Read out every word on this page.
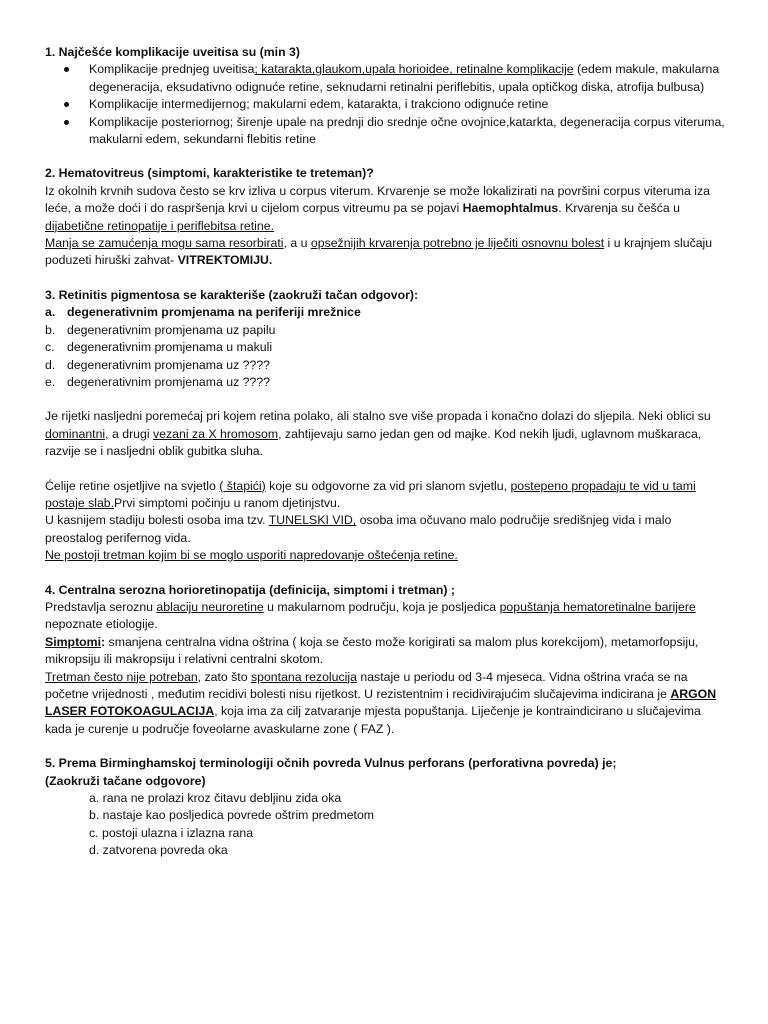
1. Najčešće komplikacije uveitisa su (min 3)
Komplikacije prednjeg uveitisa; katarakta,glaukom,upala horioidee, retinalne komplikacije (edem makule, makularna degeneracija, eksudativno odignuće retine, seknudarni retinalni periflebitis, upala optičkog diska, atrofija bulbusa)
Komplikacije intermedijernog; makularni edem, katarakta, i trakciono odignuće retine
Komplikacije posteriornog; širenje upale na prednji dio srednje očne ovojnice,katarkta, degeneracija corpus viteruma, makularni edem, sekundarni flebitis retine
2. Hematovitreus (simptomi, karakteristike te treteman)?

Iz okolnih krvnih sudova često se krv izliva u corpus viterum. Krvarenje se može lokalizirati na površini corpus viteruma iza leće, a može doći i do raspršenja krvi u cijelom corpus vitreumu pa se pojavi Haemophtalmus. Krvarenja su češća u dijabetične retinopatije i periflebitsa retine.

Manja se zamućenja mogu sama resorbirati, a u opsežnijih krvarenja potrebno je liječiti osnovnu bolest i u krajnjem slučaju poduzeti hiruški zahvat- VITREKTOMIJU.

3. Retinitis pigmentosa se karakteriše (zaokruži tačan odgovor):
a. degenerativnim promjenama na periferiji mrežnice
b. degenerativnim promjenama uz papilu
c. degenerativnim promjenama u makuli
d. degenerativnim promjenama uz ????
e. degenerativnim promjenama uz ????

Je rijetki nasljedni poremećaj pri kojem retina polako, ali stalno sve više propada i konačno dolazi do sljepila. Neki oblici su dominantni, a drugi vezani za X hromosom, zahtijevaju samo jedan gen od majke. Kod nekih ljudi, uglavnom muškaraca, razvije se i nasljedni oblik gubitka sluha.

Ćelije retine osjetljive na svjetlo ( štapići) koje su odgovorne za vid pri slanom svjetlu, postepeno propadaju te vid u tami postaje slab.Prvi simptomi počinju u ranom djetinjstvu.

U kasnijem stadiju bolesti osoba ima tzv. TUNELSKI VID, osoba ima očuvano malo područije središnjeg vida i malo preostalog perifernog vida.

Ne postoji tretman kojim bi se moglo usporiti napredovanje oštećenja retine.

4. Centralna serozna horioretinopatija (definicija, simptomi i tretman) ;

Predstavlja seroznu ablaciju neuroretine u makularnom području, koja je posljedica popuštanja hematoretinalne barijere nepoznate etiologije.

Simptomi: smanjena centralna vidna oštrina ( koja se često može korigirati sa malom plus korekcijom), metamorfopsiju, mikropsiju ili makropsiju i relativni centralni skotom.

Tretman često nije potreban, zato što spontana rezolucija nastaje u periodu od 3-4 mjeseca. Vidna oštrina vraća se na početne vrijednosti , međutim recidivi bolesti nisu rijetkost. U rezistentnim i recidivirajućim slučajevima indicirana je ARGON LASER FOTOKOAGULACIJA, koja ima za cilj zatvaranje mjesta popuštanja. Liječenje je kontraindicirano u slučajevima kada je curenje u područje foveolarne avaskularne zone ( FAZ ).

5. Prema Birminghamskoj terminologiji očnih povreda Vulnus perforans (perforativna povreda) je;
(Zaokruži tačane odgovore)

a. rana ne prolazi kroz čitavu debljinu zida oka

b. nastaje kao posljedica povrede oštrim predmetom

c. postoji ulazna i izlazna rana

d. zatvorena povreda oka
